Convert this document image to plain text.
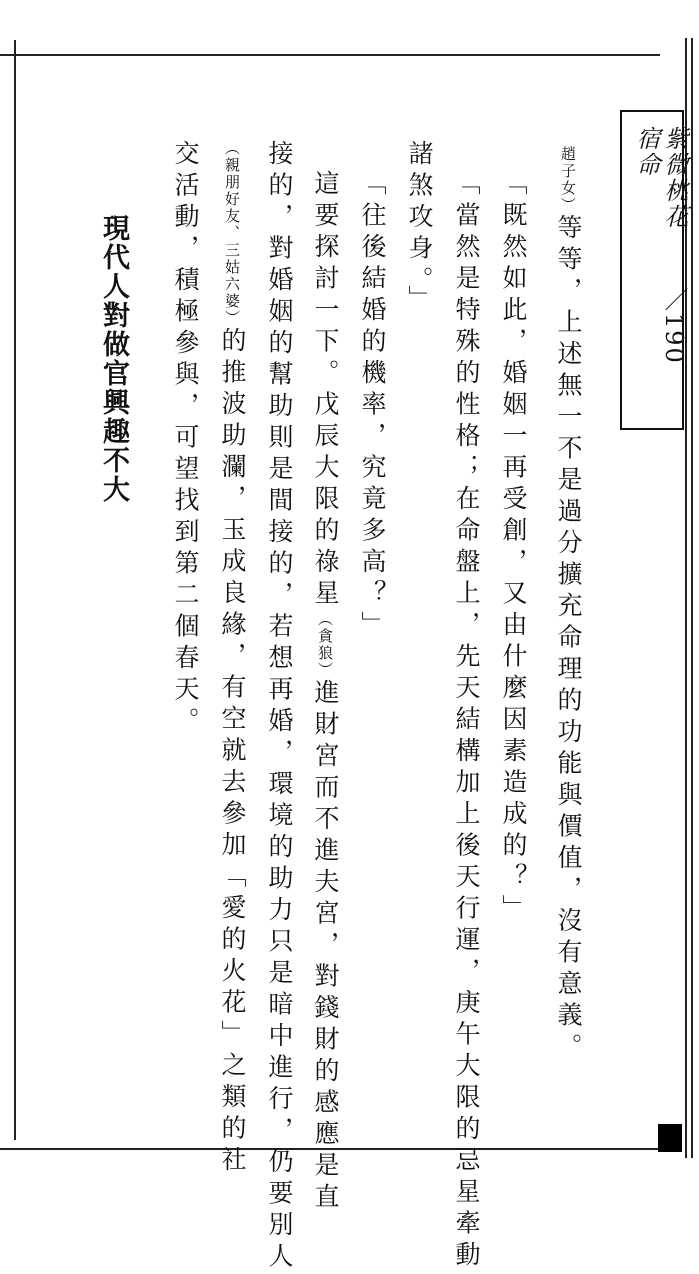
紫微桃花
宿命
／190
趙子女）等等，上述無一不是過分擴充命理的功能與價值，沒有意義。
「既然如此，婚姻一再受創，又由什麼因素造成的？」
「當然是特殊的性格；在命盤上，先天結構加上後天行運，庚午大限的忌星牽動
諸煞攻身。」
「往後結婚的機率，究竟多高？」
這要探討一下。戊辰大限的祿星（貪狼）進財宮而不進夫宮，對錢財的感應是直
接的，對婚姻的幫助則是間接的，若想再婚，環境的助力只是暗中進行，仍要別人
（親朋好友、三姑六婆）的推波助瀾，玉成良緣，有空就去參加「愛的火花」之類的社
交活動，積極參與，可望找到第二個春天。
現代人對做官興趣不大
